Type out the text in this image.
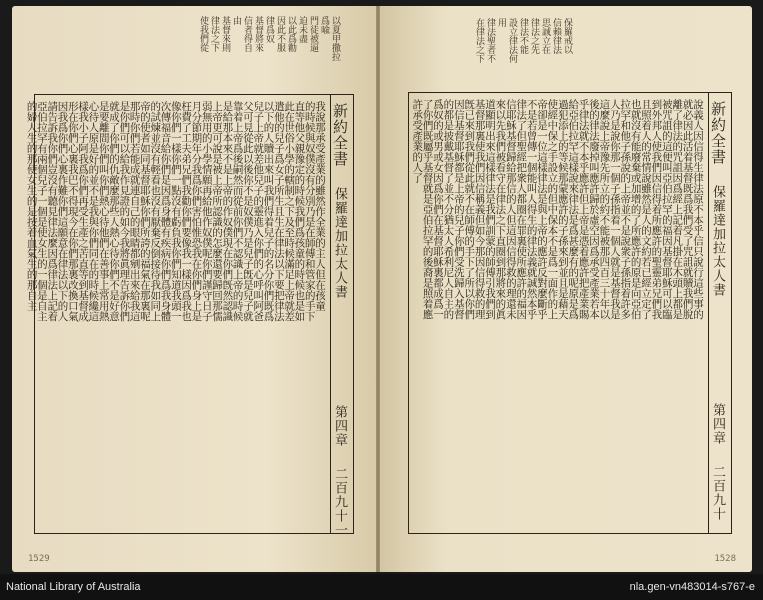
以夏甲撒拉
爲喩
門徒被逼
迫未盡
以此爲勸
因此不服
律爲奴
基督將來
信者得自
由
基督來則
律法之下
使我們從
新約全書
保羅達加拉太人書
第四章
二百九十一
我說那承受產業的雖然作全業的主人但在孩童
的時候與奴僕沒有分別乃是在師傅和管家的手下
直等他父親豫定的時候我們爲孩童的時候也是如
此在世俗小學的轄制之下及至時候滿足上帝就差
遣他的兒子爲女子所生且生在律法以下要把律法
以下的人贖出來叫我們得着兒子的名分你們既爲
兒子上帝就差他兒子的靈進入你們的心呼叫阿爸
父可見從此以後你不是奴僕乃是兒子旣是兒子就
靠着上帝爲後嗣然而從前你們不認識上帝的時候
是給那本來不是上帝的作奴僕現在你們旣然認識
上帝更可說是被上帝所認識的怎麼還要歸回那懦
弱無用的小學情願再給他作奴僕呢你們謹守日子
月分節期年分我爲你們害怕惟恐我在你們身上是
枉費了工夫弟兄們我勸你們要像我一樣因爲我也
像你們一樣你們一點沒有虧負我你們知道我頭一
次傳福音給你們是因爲身體有疾病你們爲我身體
的試煉並沒有輕看也沒有厭棄反倒接待我如同上
帝的使者如同基督耶穌你們所誇的福氣在那裏呢
那時你們若能成就連自己的眼睛都剜出來給我這
是你們可以給我作見證的如今我將眞理告訴你們
就成了你們的仇敵麼那些人熱心待你們不是好意
是要離間你們叫你們熱心待他們在善事上常用熱
心待人原是好的並不是我與你們同在的時候纔這
樣我小子阿我爲你們再受生產之苦直等到基督成
形在你們心裏我巴不得現今在你們那裏改換口氣
因我爲你們心裏作難你們這願意在律法以下的人
請告訴我你們豈沒有聽見律法麼因爲律法上記着
亞伯拉罕有兩個兒子一個是使女生的一個是自主
的婦人生的那使女生的是按着血氣生的那自主
1529
保羅戒以
信賴律法
思誠立在
律法之先
律法不能
設立律法何
用
律法聖者不
在律法之下
新約全書
保羅達加拉太人書
第四章
二百九十
說義人因信得生律法原不本乎信只說行這些事的
就必因此活着基督既爲我們受了咒詛就贖我們脫
離了律法的咒詛因爲經上記着凡掛在木頭上都是
被咒詛的這便叫亞伯拉罕的福因基督耶穌可以臨
到外邦人使我們因信得着所應許的聖靈弟兄們我
且照着人的常情說雖然是人的文約若已經立定了
也就沒有能廢棄或加增的了所應許的原是向亞伯
拉罕和他子孫說的上帝並不是說衆子孫指着許多
人乃是說你那一個子孫指着一個人就是基督我是
這麼說上帝豫先所立的約不能被那四百三十年以
後的律法廢掉叫應許歸於虛空因爲承受產業若本
乎律法就不本乎應許但上帝是憑着應許把產業賜
給亞伯拉罕這樣說來律法是爲甚麼有的呢原是爲
過犯添上的等候那蒙應許的子孫來到並且是藉天
使經中保之手設立的但中保本不是爲一面作的上
帝卻是一位這樣律法是與上帝的應許反對麼斷乎
不是若曾傳一個能叫人得生的律法義就誠然本乎
律法了但聖經把衆人都圈在罪裏使所應許的福因
信耶穌基督歸給那信的人但這因信得救的理還未
來以先我們被看守在律法之下直圈到那將來的眞
道顯明出來這樣律法是我們訓蒙的師傅引我們到
基督那裏使我們因信稱義但如今那因信得救的理
旣已來到我們從此就不在師傅的手下了所以你們
因信基督耶穌都是上帝的兒子你們受洗歸入基督
的都是披戴基督了並不分猶太人希利尼人自主的
爲奴的或男或女因爲你們在基督耶穌裏都成爲一
了你們既屬乎基督就是亞伯拉罕的後裔是照着應
許承受產業的人了
1528
National Library of Australia	nla.gen-vn483014-s767-e
